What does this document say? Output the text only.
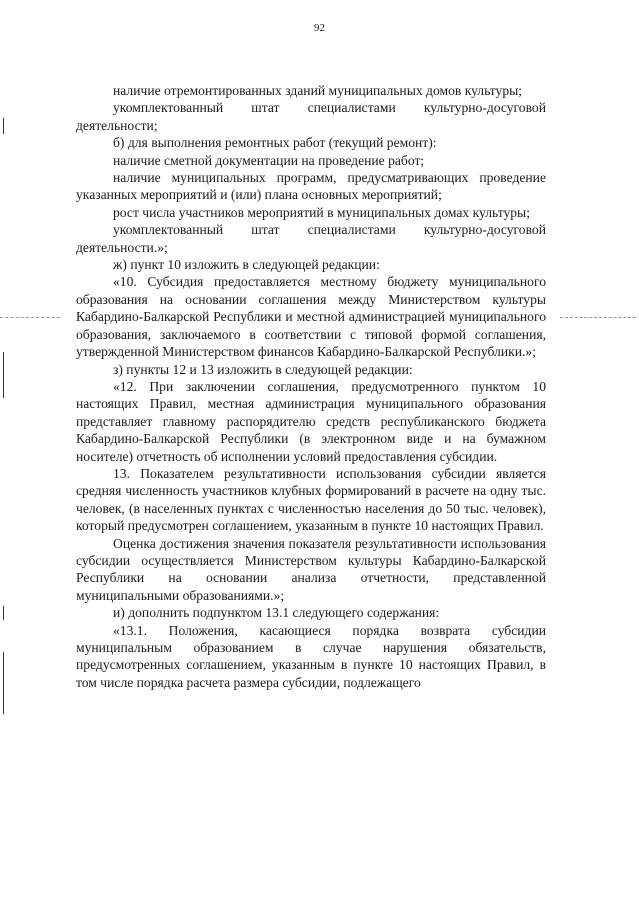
92

наличие отремонтированных зданий муниципальных домов культуры;

укомплектованный штат специалистами культурно-досуговой деятельности;

б) для выполнения ремонтных работ (текущий ремонт):

наличие сметной документации на проведение работ;

наличие муниципальных программ, предусматривающих проведение указанных мероприятий и (или) плана основных мероприятий;

рост числа участников мероприятий в муниципальных домах культуры;

укомплектованный штат специалистами культурно-досуговой деятельности.»;

ж) пункт 10 изложить в следующей редакции:

«10. Субсидия предоставляется местному бюджету муниципального образования на основании соглашения между Министерством культуры Кабардино-Балкарской Республики и местной администрацией муниципального образования, заключаемого в соответствии с типовой формой соглашения, утвержденной Министерством финансов Кабардино-Балкарской Республики.»;

з) пункты 12 и 13 изложить в следующей редакции:

«12. При заключении соглашения, предусмотренного пунктом 10 настоящих Правил, местная администрация муниципального образования представляет главному распорядителю средств республиканского бюджета Кабардино-Балкарской Республики (в электронном виде и на бумажном носителе) отчетность об исполнении условий предоставления субсидии.

13. Показателем результативности использования субсидии является средняя численность участников клубных формирований в расчете на одну тыс. человек, (в населенных пунктах с численностью населения до 50 тыс. человек), который предусмотрен соглашением, указанным в пункте 10 настоящих Правил.

Оценка достижения значения показателя результативности использования субсидии осуществляется Министерством культуры Кабардино-Балкарской Республики на основании анализа отчетности, представленной муниципальными образованиями.»;

и) дополнить подпунктом 13.1 следующего содержания:

«13.1. Положения, касающиеся порядка возврата субсидии муниципальным образованием в случае нарушения обязательств, предусмотренных соглашением, указанным в пункте 10 настоящих Правил, в том числе порядка расчета размера субсидии, подлежащего
